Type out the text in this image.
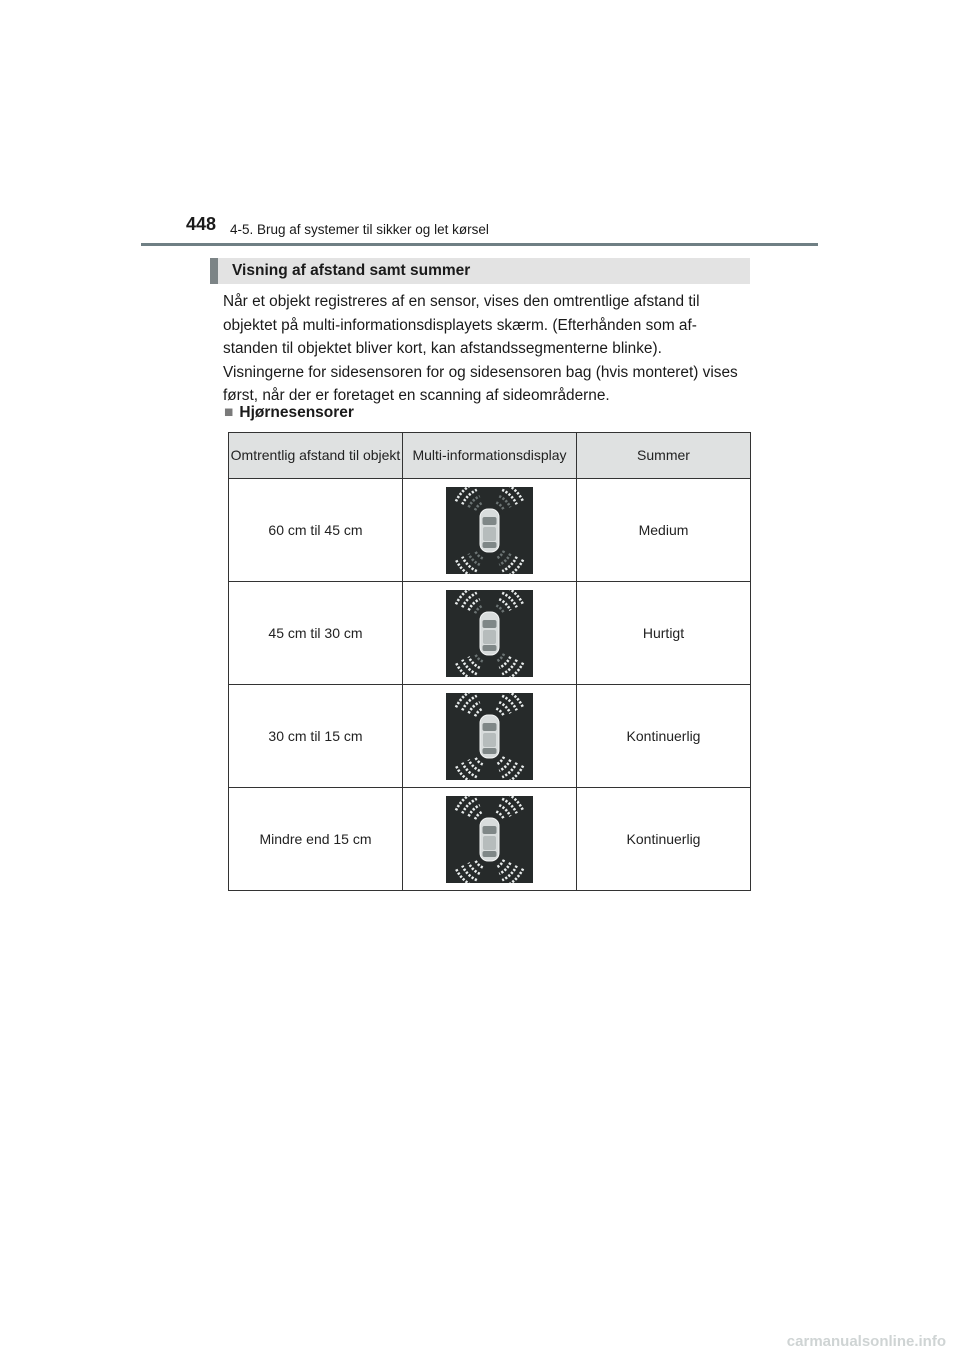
448 4-5. Brug af systemer til sikker og let kørsel
Visning af afstand samt summer

Når et objekt registreres af en sensor, vises den omtrentlige afstand til objektet på multi-informationsdisplayets skærm. (Efterhånden som af-standen til objektet bliver kort, kan afstandssegmenterne blinke).

Visningerne for sidesensoren for og sidesensoren bag (hvis monteret) vises først, når der er foretaget en scanning af sideområderne.

■ Hjørnesensorer
Omtrentlig afstand til objekt	Multi-informationsdisplay	Summer
60 cm til 45 cm		Medium
45 cm til 30 cm		Hurtigt
30 cm til 15 cm		Kontinuerlig
Mindre end 15 cm		Kontinuerlig
carmanualsonline.info
